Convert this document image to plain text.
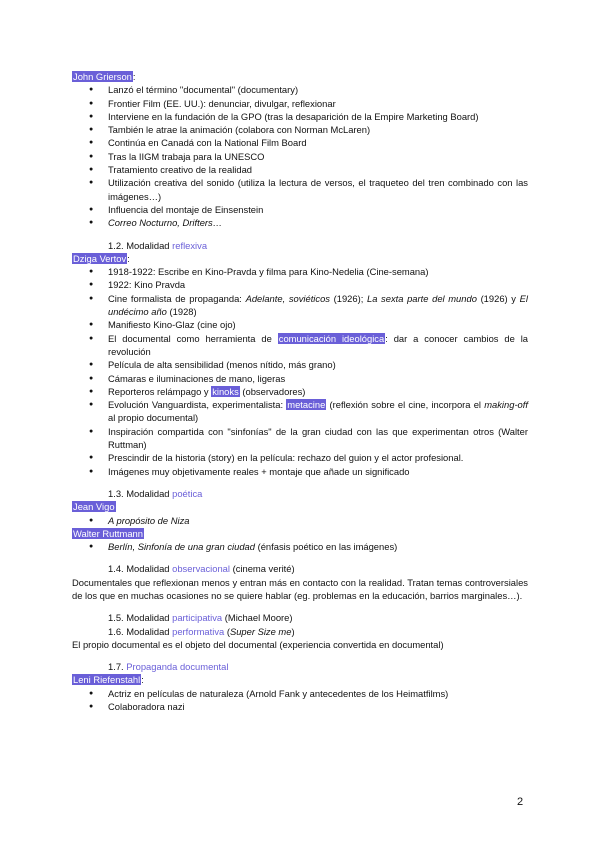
John Grierson:
● Lanzó el término "documental" (documentary)
● Frontier Film (EE. UU.): denunciar, divulgar, reflexionar
● Interviene en la fundación de la GPO (tras la desaparición de la Empire Marketing Board)
● También le atrae la animación (colabora con Norman McLaren)
● Continúa en Canadá con la National Film Board
● Tras la IIGM trabaja para la UNESCO
● Tratamiento creativo de la realidad
● Utilización creativa del sonido (utiliza la lectura de versos, el traqueteo del tren combinado con las imágenes…)
● Influencia del montaje de Einsenstein
● Correo Nocturno, Drifters…
1.2. Modalidad reflexiva
Dziga Vertov:
● 1918-1922: Escribe en Kino-Pravda y filma para Kino-Nedelia (Cine-semana)
● 1922: Kino Pravda
● Cine formalista de propaganda: Adelante, soviéticos (1926); La sexta parte del mundo (1926) y El undécimo año (1928)
● Manifiesto Kino-Glaz (cine ojo)
● El documental como herramienta de comunicación ideológica: dar a conocer cambios de la revolución
● Película de alta sensibilidad (menos nítido, más grano)
● Cámaras e iluminaciones de mano, ligeras
● Reporteros relámpago y kinoks (observadores)
● Evolución Vanguardista, experimentalista: metacine (reflexión sobre el cine, incorpora el making-off al propio documental)
● Inspiración compartida con "sinfonías" de la gran ciudad con las que experimentan otros (Walter Ruttman)
● Prescindir de la historia (story) en la película: rechazo del guion y el actor profesional.
● Imágenes muy objetivamente reales + montaje que añade un significado
1.3. Modalidad poética
Jean Vigo
● A propósito de Niza
Walter Ruttmann
● Berlín, Sinfonía de una gran ciudad (énfasis poético en las imágenes)
1.4. Modalidad observacional (cinema verité)
Documentales que reflexionan menos y entran más en contacto con la realidad. Tratan temas controversiales de los que en muchas ocasiones no se quiere hablar (eg. problemas en la educación, barrios marginales…).
1.5. Modalidad participativa (Michael Moore)
1.6. Modalidad performativa (Super Size me)
El propio documental es el objeto del documental (experiencia convertida en documental)
1.7. Propaganda documental
Leni Riefenstahl:
● Actriz en películas de naturaleza (Arnold Fank y antecedentes de los Heimatfilms)
● Colaboradora nazi
2
